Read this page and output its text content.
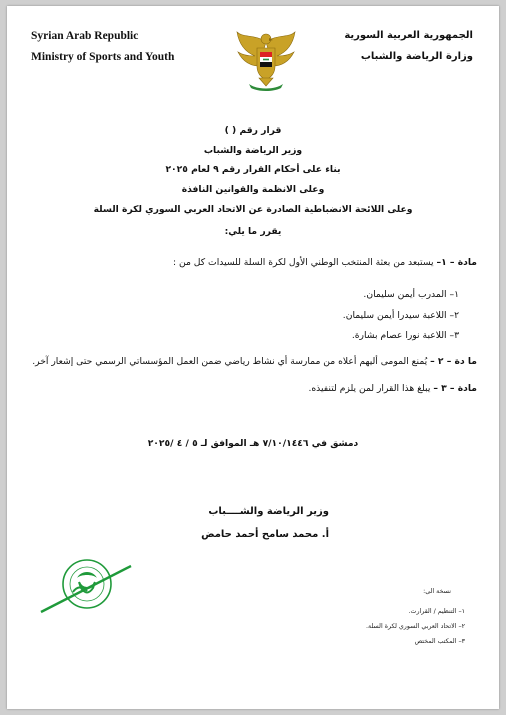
Syrian Arab Republic
Ministry of Sports and Youth
الجمهورية العربية السورية
وزارة الرياضة والشباب
قرار رقم ( )
وزير الرياضة والشباب
بناء على أحكام القرار رقم ٩ لعام ٢٠٢٥
وعلى الانظمة والقوانين النافذة
وعلى اللائحة الانضباطية الصادرة عن الاتحاد العربي السوري لكرة السلة
يقرر ما يلي:
مادة – ١– يستبعد من بعثة المنتخب الوطني الأول لكرة السلة للسيدات كل من :
١– المدرب أيمن سليمان.
٢– اللاعبة سيدرا أيمن سليمان.
٣– اللاعبة نورا عصام بشارة.
ما دة – ٢ – يُمنع المومى أليهم أعلاه من ممارسة أي نشاط رياضي ضمن العمل المؤسساتي الرسمي حتى إشعار آخر.
مادة – ٣ – يبلغ هذا القرار لمن يلزم لتنفيذه.
دمشق في ٧/١٠/١٤٤٦ هـ الموافق لـ ٥ / ٤ /٢٠٢٥
وزير الرياضة والشــــباب
أ. محمد سامح أحمد حامض
نسخة الى:
١– التنظيم / القرارت.
٢– الاتحاد العربي السوري لكرة السلة.
٣– المكتب المختص
